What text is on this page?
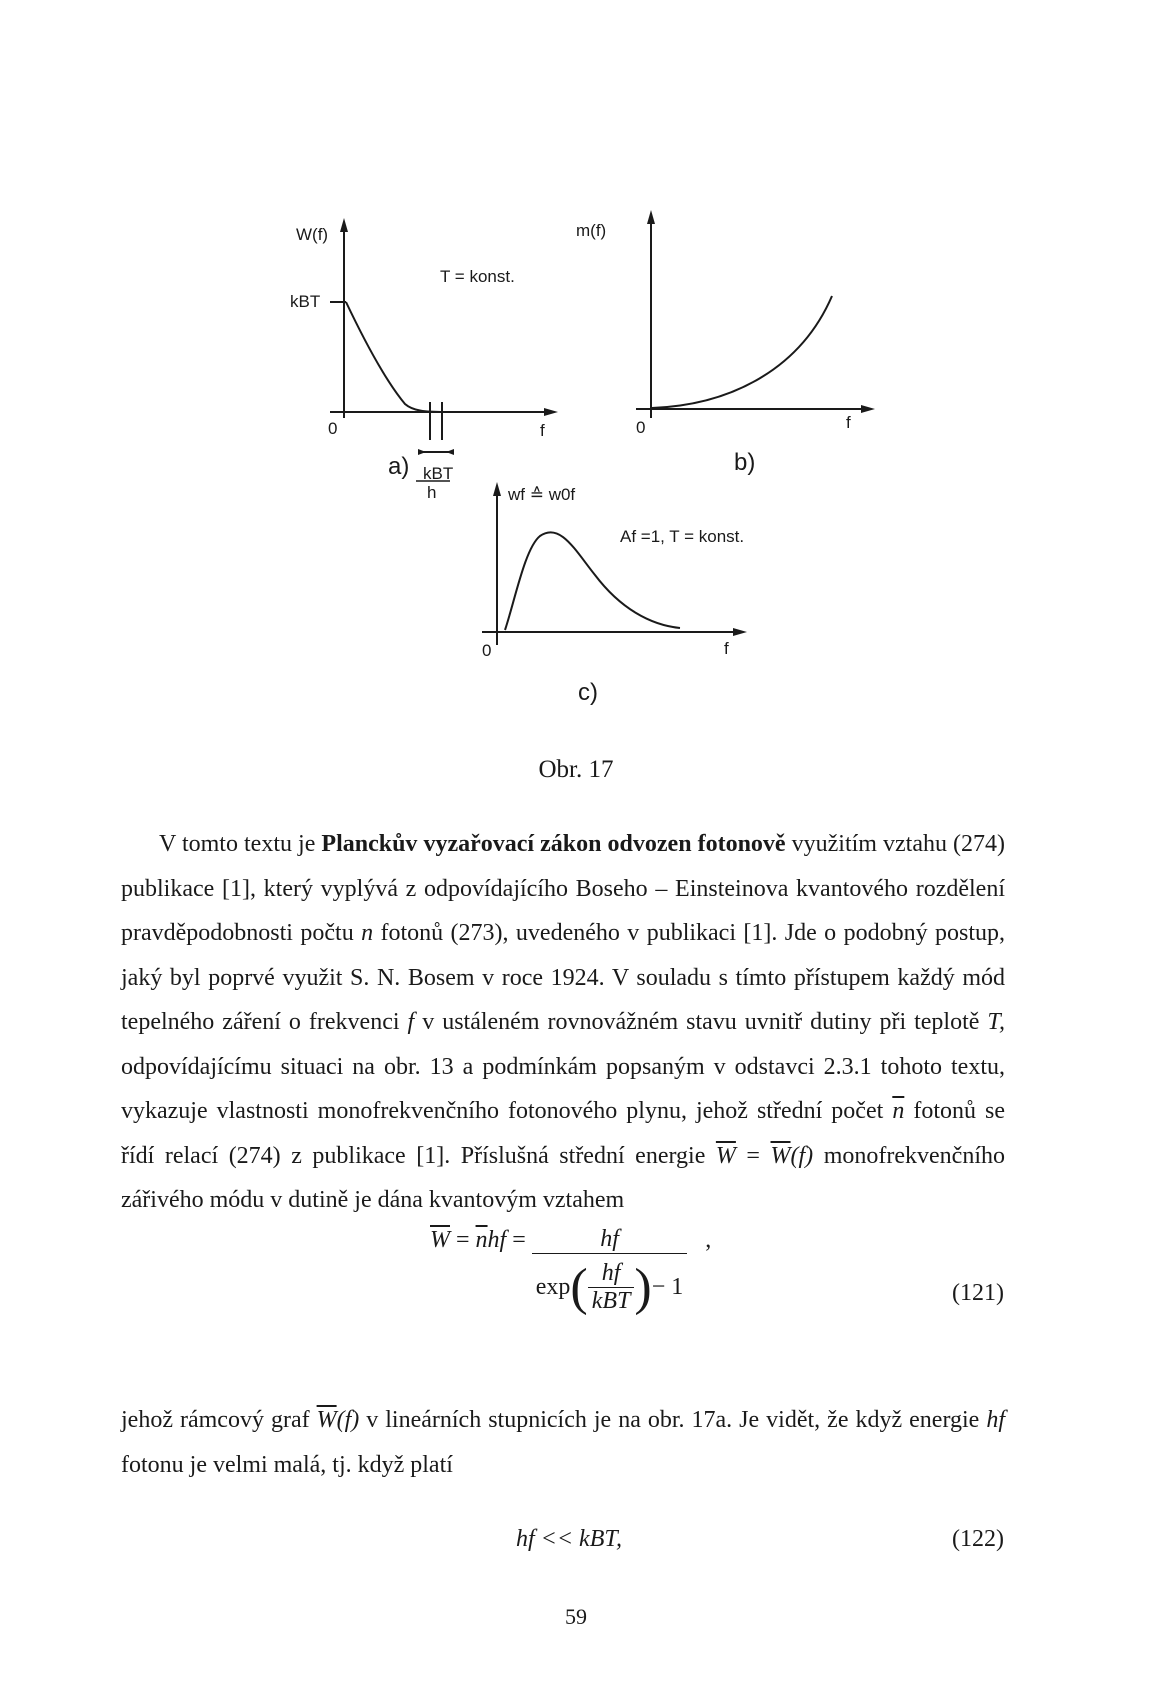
W(f)
kBT
T = konst.
0	f
a) kBT
h
m(f)
0	f
b)
wf ≙ w0f
Af =1, T = konst.
0	f
c)
Obr. 17

V tomto textu je Planckův vyzařovací zákon odvozen fotonově využitím vztahu (274) publikace [1], který vyplývá z odpovídajícího Boseho – Einsteinova kvantového rozdělení pravděpodobnosti počtu n fotonů (273), uvedeného v publikaci [1]. Jde o podobný postup, jaký byl poprvé využit S. N. Bosem v roce 1924. V souladu s tímto přístupem každý mód tepelného záření o frekvenci f v ustáleném rovnovážném stavu uvnitř dutiny při teplotě T, odpovídajícímu situaci na obr. 13 a podmínkám popsaným v odstavci 2.3.1 tohoto textu, vykazuje vlastnosti monofrekvenčního fotonového plynu, jehož střední počet $\overline{n}$ fotonů se řídí relací (274) z publikace [1]. Příslušná střední energie $\overline{W} = \overline{W}(f)$ monofrekvenčního zářivého módu v dutině je dána kvantovým vztahem

$\overline{W} = \overline{n}hf = \frac{hf}{\exp( \frac{hf}{\text{kBT}} )- 1}$ ,
(121)

jehož rámcový graf $\overline{W}(f)$ v lineárních stupnicích je na obr. 17a. Je vidět, že když energie hf fotonu je velmi malá, tj. když platí

hf << kBT,	(122)
59
